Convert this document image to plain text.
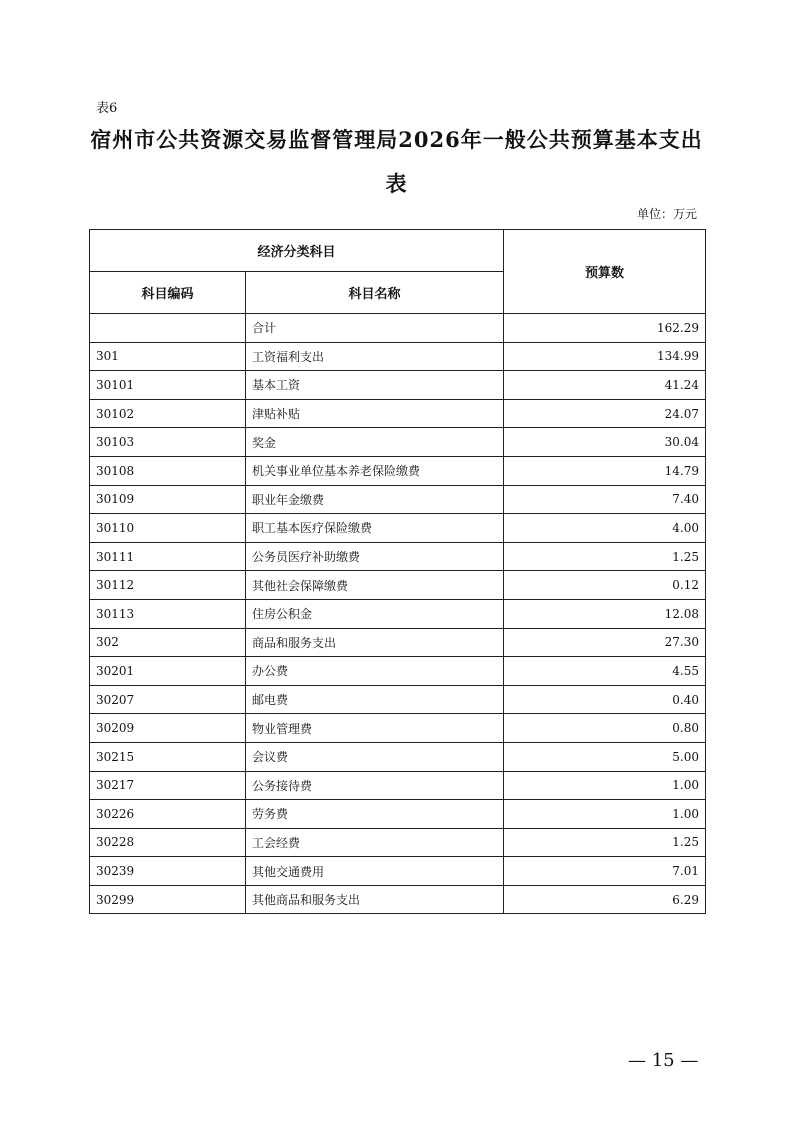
表6
宿州市公共资源交易监督管理局2026年一般公共预算基本支出
表
单位：万元
经济分类科目		预算数
科目编码	科目名称	
	合计	162.29
301	工资福利支出	134.99
30101	基本工资	41.24
30102	津贴补贴	24.07
30103	奖金	30.04
30108	机关事业单位基本养老保险缴费	14.79
30109	职业年金缴费	7.40
30110	职工基本医疗保险缴费	4.00
30111	公务员医疗补助缴费	1.25
30112	其他社会保障缴费	0.12
30113	住房公积金	12.08
302	商品和服务支出	27.30
30201	办公费	4.55
30207	邮电费	0.40
30209	物业管理费	0.80
30215	会议费	5.00
30217	公务接待费	1.00
30226	劳务费	1.00
30228	工会经费	1.25
30239	其他交通费用	7.01
30299	其他商品和服务支出	6.29
— 15 —
